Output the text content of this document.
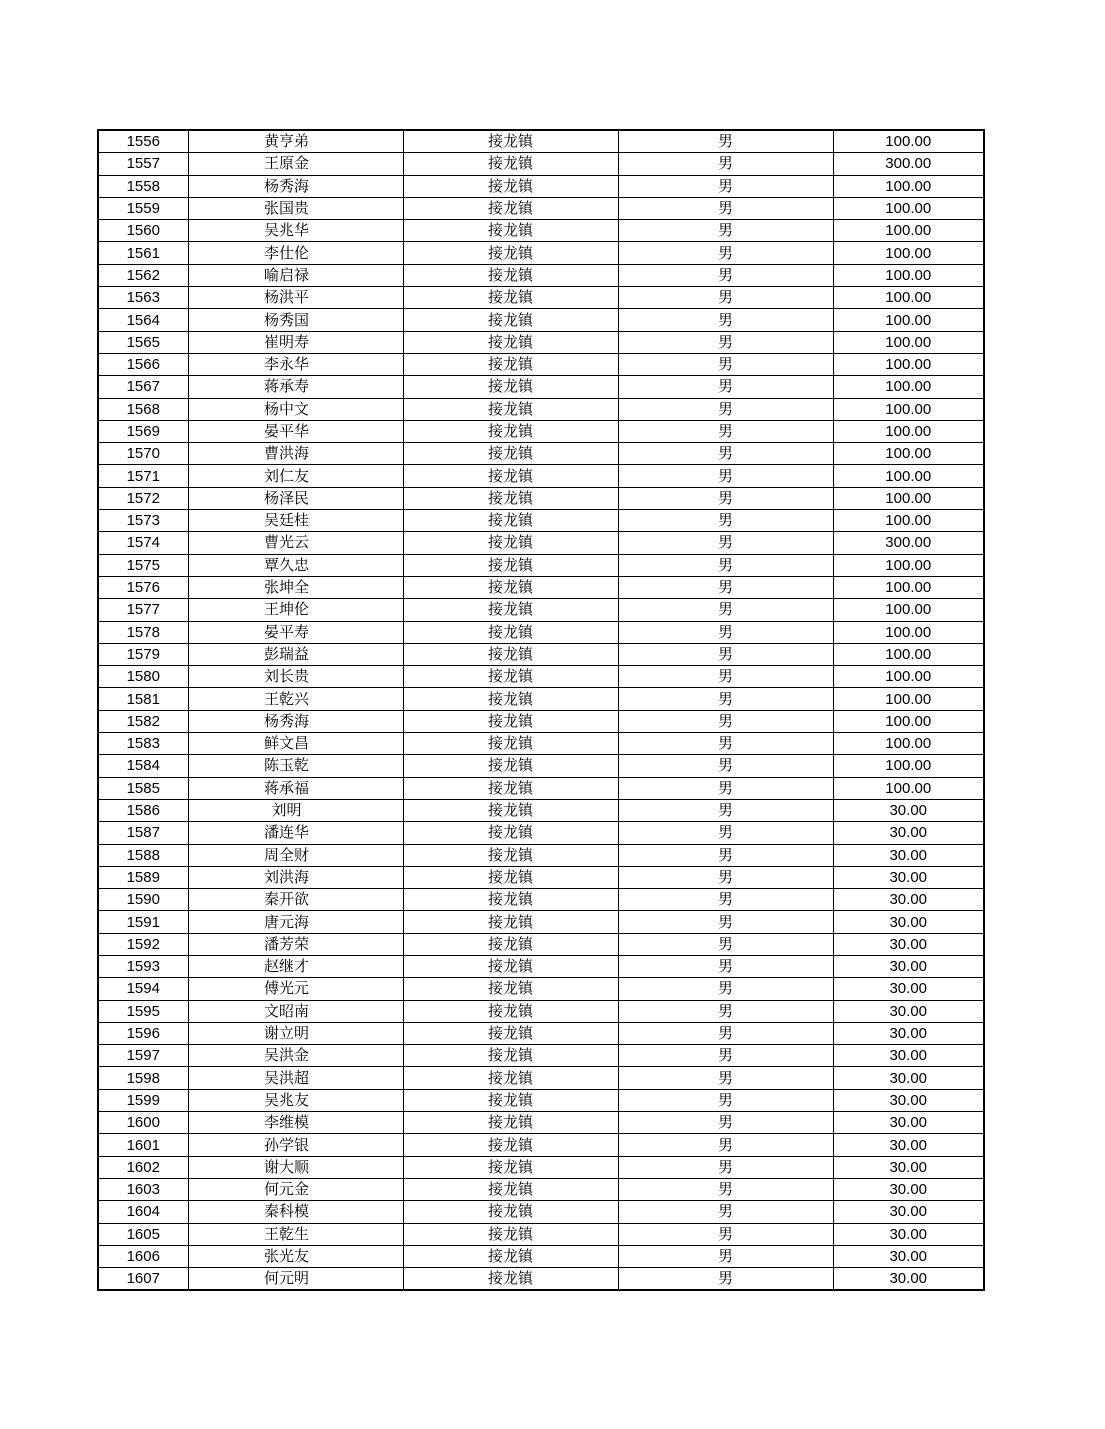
1556	黄亨弟	接龙镇	男	100.00
1557	王原金	接龙镇	男	300.00
1558	杨秀海	接龙镇	男	100.00
1559	张国贵	接龙镇	男	100.00
1560	吴兆华	接龙镇	男	100.00
1561	李仕伦	接龙镇	男	100.00
1562	喻启禄	接龙镇	男	100.00
1563	杨洪平	接龙镇	男	100.00
1564	杨秀国	接龙镇	男	100.00
1565	崔明寿	接龙镇	男	100.00
1566	李永华	接龙镇	男	100.00
1567	蒋承寿	接龙镇	男	100.00
1568	杨中文	接龙镇	男	100.00
1569	晏平华	接龙镇	男	100.00
1570	曹洪海	接龙镇	男	100.00
1571	刘仁友	接龙镇	男	100.00
1572	杨泽民	接龙镇	男	100.00
1573	吴廷桂	接龙镇	男	100.00
1574	曹光云	接龙镇	男	300.00
1575	覃久忠	接龙镇	男	100.00
1576	张坤全	接龙镇	男	100.00
1577	王坤伦	接龙镇	男	100.00
1578	晏平寿	接龙镇	男	100.00
1579	彭瑞益	接龙镇	男	100.00
1580	刘长贵	接龙镇	男	100.00
1581	王乾兴	接龙镇	男	100.00
1582	杨秀海	接龙镇	男	100.00
1583	鲜文昌	接龙镇	男	100.00
1584	陈玉乾	接龙镇	男	100.00
1585	蒋承福	接龙镇	男	100.00
1586	刘明	接龙镇	男	30.00
1587	潘连华	接龙镇	男	30.00
1588	周全财	接龙镇	男	30.00
1589	刘洪海	接龙镇	男	30.00
1590	秦开欲	接龙镇	男	30.00
1591	唐元海	接龙镇	男	30.00
1592	潘芳荣	接龙镇	男	30.00
1593	赵继才	接龙镇	男	30.00
1594	傅光元	接龙镇	男	30.00
1595	文昭南	接龙镇	男	30.00
1596	谢立明	接龙镇	男	30.00
1597	吴洪金	接龙镇	男	30.00
1598	吴洪超	接龙镇	男	30.00
1599	吴兆友	接龙镇	男	30.00
1600	李维模	接龙镇	男	30.00
1601	孙学银	接龙镇	男	30.00
1602	谢大顺	接龙镇	男	30.00
1603	何元金	接龙镇	男	30.00
1604	秦科模	接龙镇	男	30.00
1605	王乾生	接龙镇	男	30.00
1606	张光友	接龙镇	男	30.00
1607	何元明	接龙镇	男	30.00
